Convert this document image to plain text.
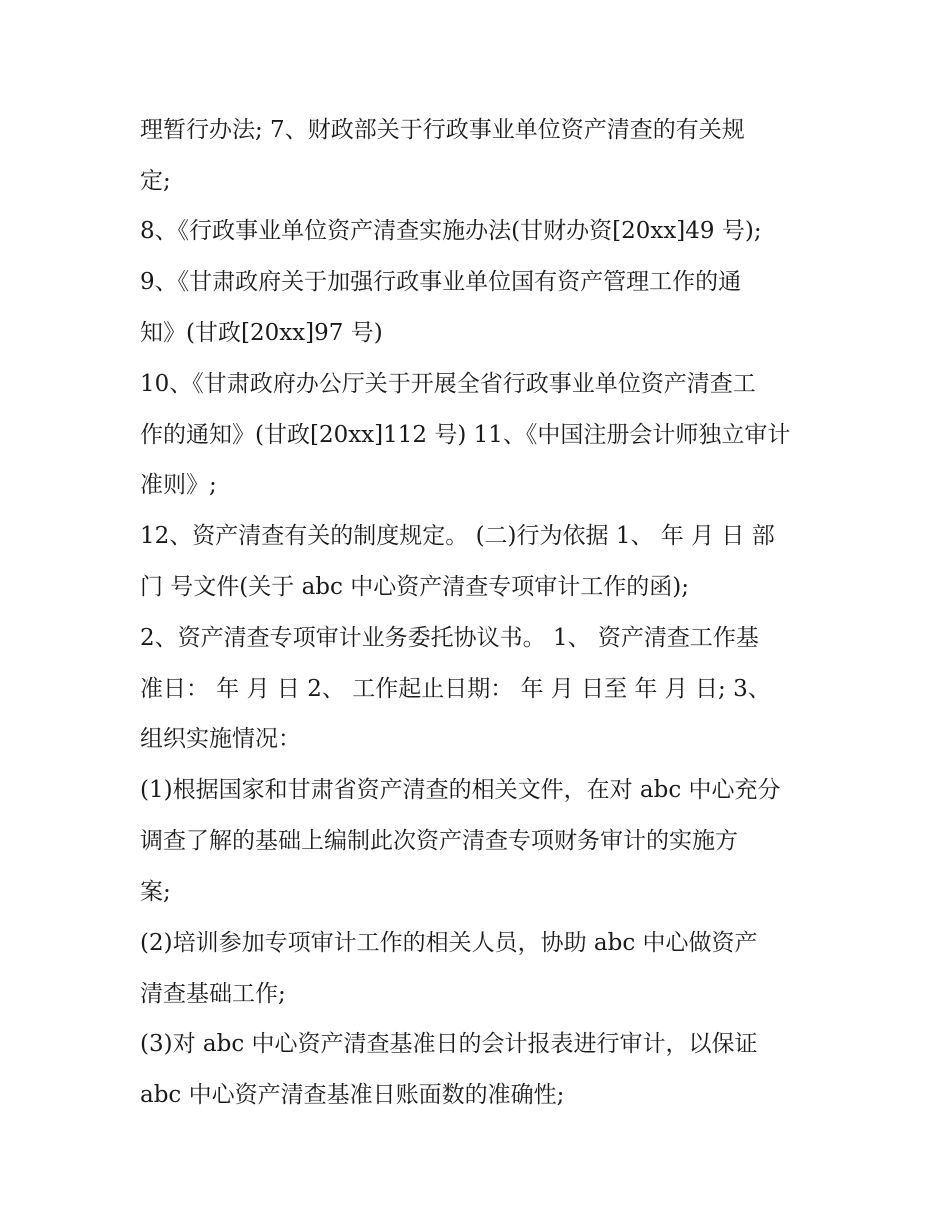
理暂行办法; 7、财政部关于行政事业单位资产清查的有关规
定;
8、《行政事业单位资产清查实施办法(甘财办资[20xx]49 号);
9、《甘肃政府关于加强行政事业单位国有资产管理工作的通
知》(甘政[20xx]97 号)
10、《甘肃政府办公厅关于开展全省行政事业单位资产清查工
作的通知》(甘政[20xx]112 号) 11、《中国注册会计师独立审计
准则》;
12、资产清查有关的制度规定。 (二)行为依据 1、 年 月 日 部
门 号文件(关于 abc 中心资产清查专项审计工作的函);
2、资产清查专项审计业务委托协议书。 1、 资产清查工作基
准日： 年 月 日 2、 工作起止日期： 年 月 日至 年 月 日; 3、
组织实施情况：
(1)根据国家和甘肃省资产清查的相关文件，在对 abc 中心充分
调查了解的基础上编制此次资产清查专项财务审计的实施方
案;
(2)培训参加专项审计工作的相关人员，协助 abc 中心做资产
清查基础工作;
(3)对 abc 中心资产清查基准日的会计报表进行审计，以保证
abc 中心资产清查基准日账面数的准确性;
